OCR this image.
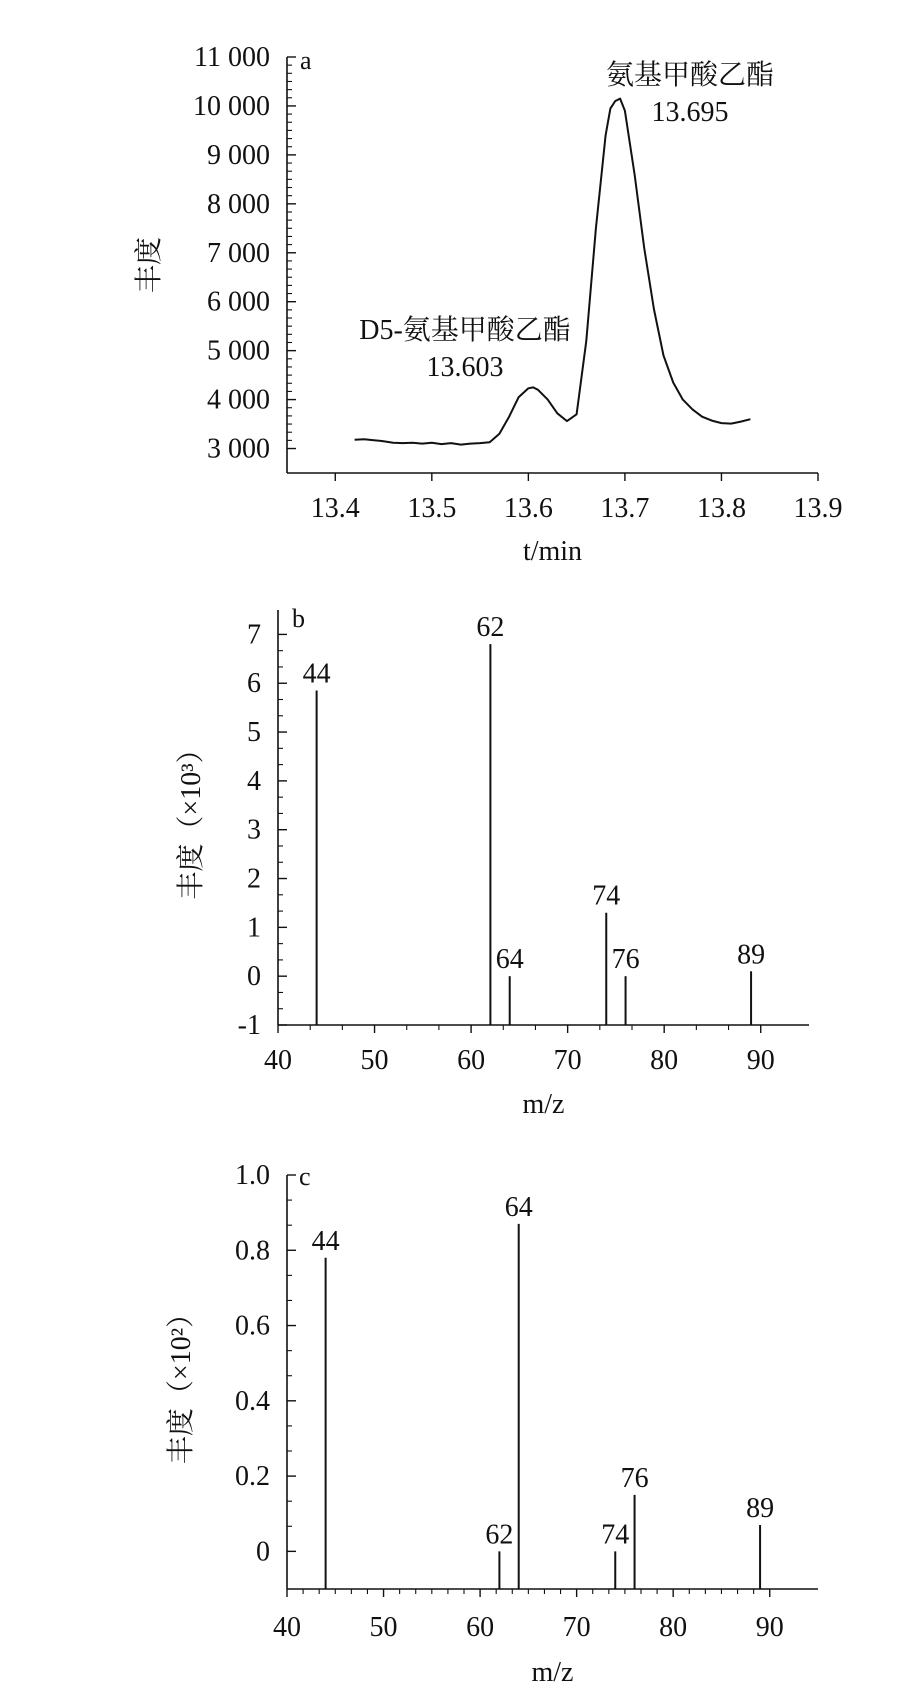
3 000
4 000
5 000
6 000
7 000
8 000
9 000
10 000
11 000
13.4 13.5 13.6 13.7 13.8 13.9
t/min
丰度
a
D5-氨基甲酸乙酯
13.603
氨基甲酸乙酯
13.695
-1
0
1
2
3
4
5
6
7
40 50 60 70 80 90
m/z
丰度（×10³）
b
44
62
64
74
76	89
0
0.2
0.4
0.6
0.8
1.0
40 50 60 70 80 90
m/z
丰度（×10²）
c
44
62
64
74
76
89
